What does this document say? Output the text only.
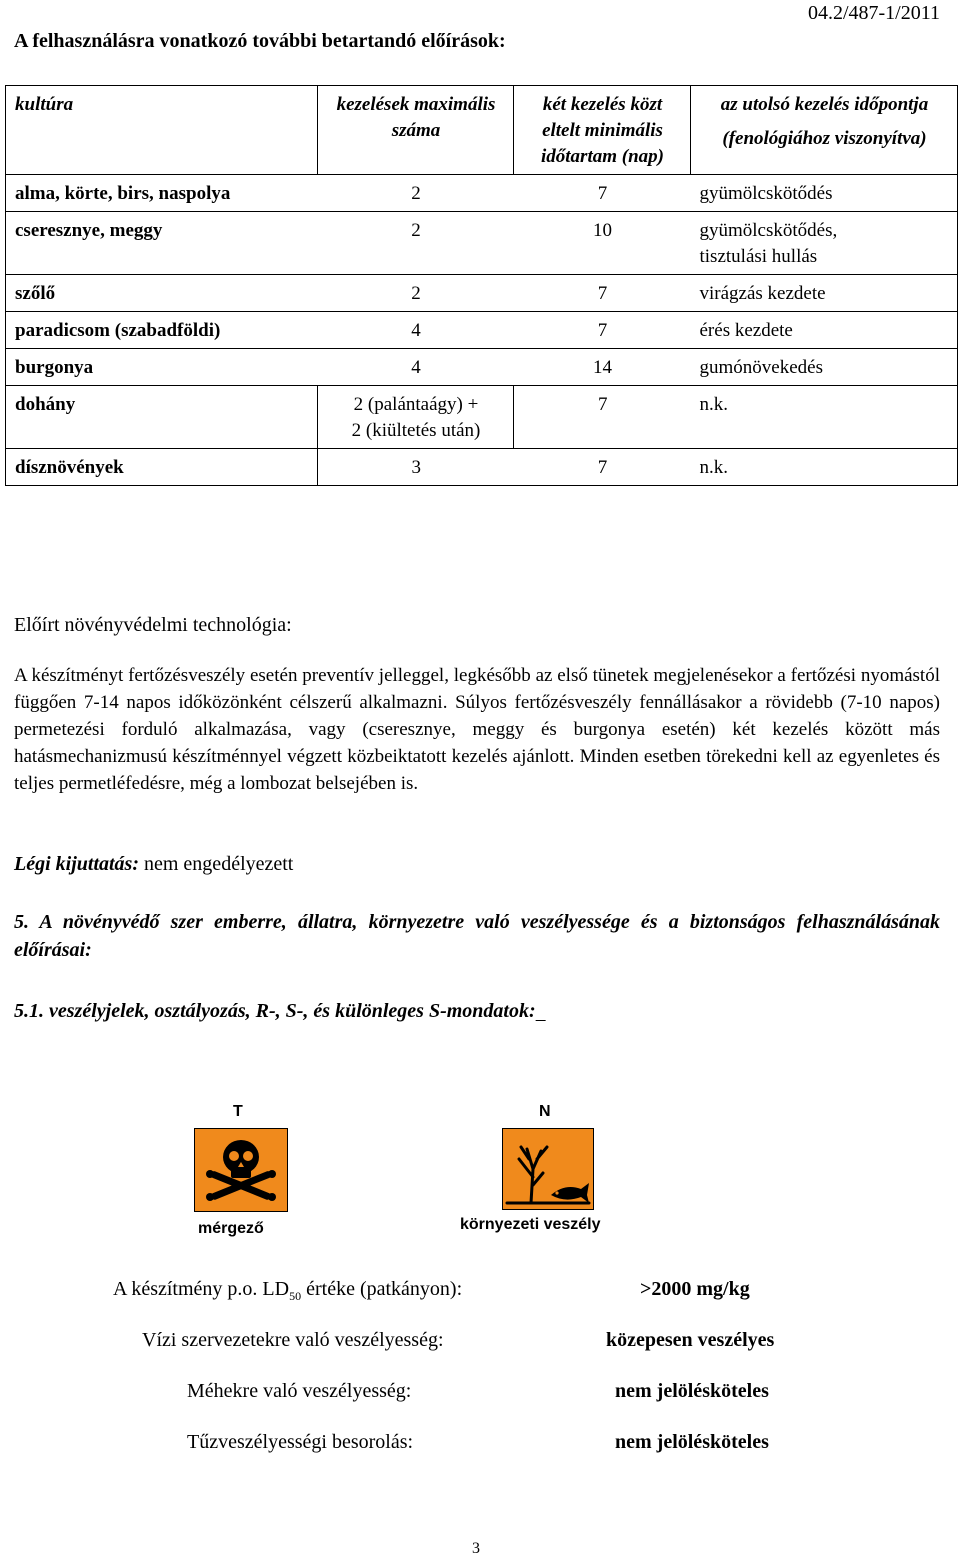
04.2/487-1/2011
A felhasználásra vonatkozó további betartandó előírások:
kultúra	kezelések maximális száma	két kezelés közt eltelt minimális időtartam (nap)	az utolsó kezelés időpontja
(fenológiához viszonyítva)

alma, körte, birs, naspolya	2	7	gyümölcskötődés
cseresznye, meggy	2	10	gyümölcskötődés,
tisztulási hullás

szőlő	2	7	virágzás kezdete
paradicsom (szabadföldi)	4	7	érés kezdete
burgonya	4	14	gumónövekedés
dohány	2 (palántaágy) +
2 (kiültetés után)	7	n.k.
dísznövények	3	7	n.k.
Előírt növényvédelmi technológia:
A készítményt fertőzésveszély esetén preventív jelleggel, legkésőbb az első tünetek megjelenésekor a fertőzési nyomástól függően 7-14 napos időközönként célszerű alkalmazni. Súlyos fertőzésveszély fennállásakor a rövidebb (7-10 napos) permetezési forduló alkalmazása, vagy (cseresznye, meggy és burgonya esetén) két kezelés között más hatásmechanizmusú készítménnyel végzett közbeiktatott kezelés ajánlott. Minden esetben törekedni kell az egyenletes és teljes permetléfedésre, még a lombozat belsejében is.
Légi kijuttatás: nem engedélyezett
5. A növényvédő szer emberre, állatra, környezetre való veszélyessége és a biztonságos felhasználásának előírásai:
5.1. veszélyjelek, osztályozás, R-, S-, és különleges S-mondatok:
T
mérgező
N
környezeti veszély
A készítmény p.o. $LD_{50}$ értéke (patkányon):	>2000 mg/kg
Vízi szervezetekre való veszélyesség:	közepesen veszélyes
Méhekre való veszélyesség:	nem jelölésköteles
Tűzveszélyességi besorolás:	nem jelölésköteles
3
